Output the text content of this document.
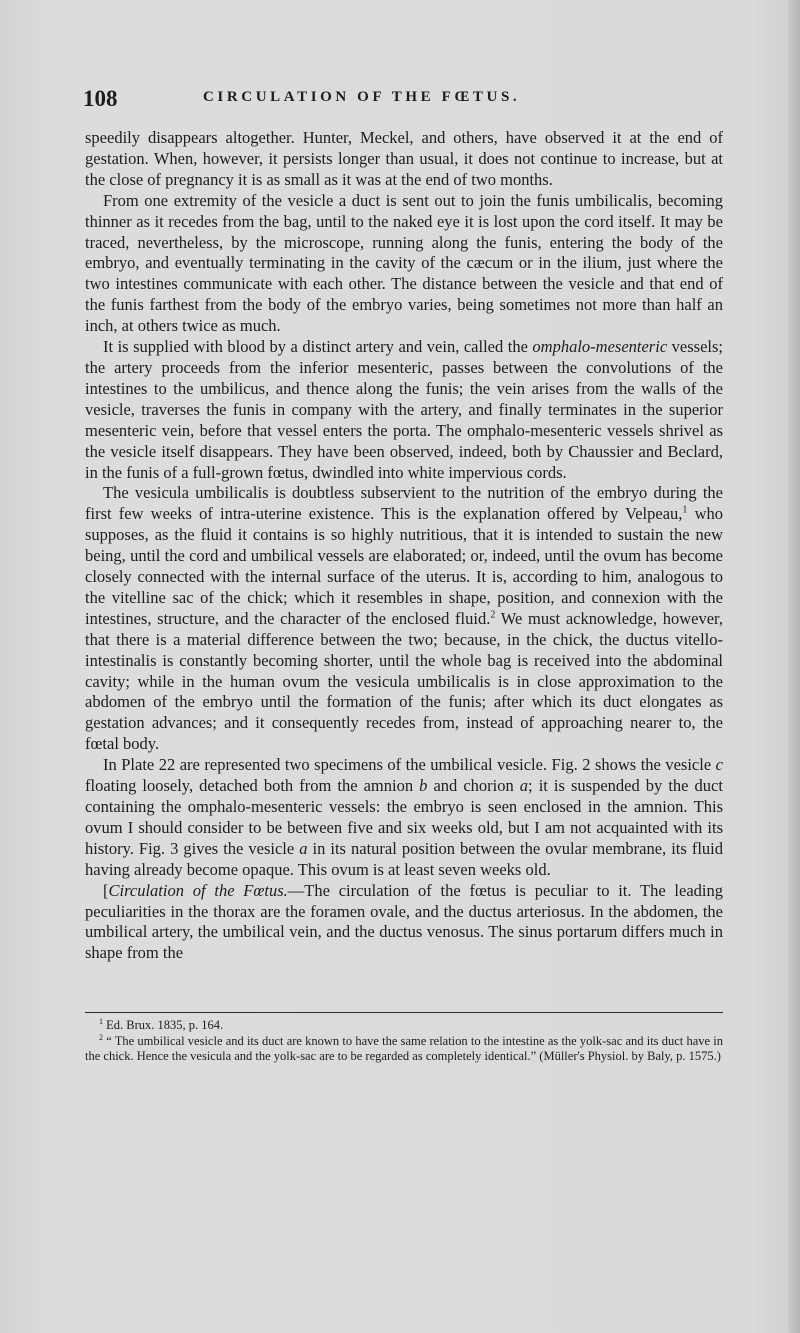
108	CIRCULATION OF THE FŒTUS.

speedily disappears altogether. Hunter, Meckel, and others, have observed it at the end of gestation. When, however, it persists longer than usual, it does not continue to increase, but at the close of pregnancy it is as small as it was at the end of two months.

From one extremity of the vesicle a duct is sent out to join the funis umbilicalis, becoming thinner as it recedes from the bag, until to the naked eye it is lost upon the cord itself. It may be traced, nevertheless, by the microscope, running along the funis, entering the body of the embryo, and eventually terminating in the cavity of the cæcum or in the ilium, just where the two intestines communicate with each other. The distance between the vesicle and that end of the funis farthest from the body of the embryo varies, being sometimes not more than half an inch, at others twice as much.

It is supplied with blood by a distinct artery and vein, called the omphalo-mesenteric vessels; the artery proceeds from the inferior mesenteric, passes between the convolutions of the intestines to the umbilicus, and thence along the funis; the vein arises from the walls of the vesicle, traverses the funis in company with the artery, and finally terminates in the superior mesenteric vein, before that vessel enters the porta. The omphalo-mesenteric vessels shrivel as the vesicle itself disappears. They have been observed, indeed, both by Chaussier and Beclard, in the funis of a full-grown fœtus, dwindled into white impervious cords.

The vesicula umbilicalis is doubtless subservient to the nutrition of the embryo during the first few weeks of intra-uterine existence. This is the explanation offered by Velpeau,$^1$ who supposes, as the fluid it contains is so highly nutritious, that it is intended to sustain the new being, until the cord and umbilical vessels are elaborated; or, indeed, until the ovum has become closely connected with the internal surface of the uterus. It is, according to him, analogous to the vitelline sac of the chick; which it resembles in shape, position, and connexion with the intestines, structure, and the character of the enclosed fluid.$^2$ We must acknowledge, however, that there is a material difference between the two; because, in the chick, the ductus vitello-intestinalis is constantly becoming shorter, until the whole bag is received into the abdominal cavity; while in the human ovum the vesicula umbilicalis is in close approximation to the abdomen of the embryo until the formation of the funis; after which its duct elongates as gestation advances; and it consequently recedes from, instead of approaching nearer to, the fœtal body.

In Plate 22 are represented two specimens of the umbilical vesicle. Fig. 2 shows the vesicle c floating loosely, detached both from the amnion b and chorion a; it is suspended by the duct containing the omphalo-mesenteric vessels: the embryo is seen enclosed in the amnion. This ovum I should consider to be between five and six weeks old, but I am not acquainted with its history. Fig. 3 gives the vesicle a in its natural position between the ovular membrane, its fluid having already become opaque. This ovum is at least seven weeks old.

[Circulation of the Fœtus.—The circulation of the fœtus is peculiar to it. The leading peculiarities in the thorax are the foramen ovale, and the ductus arteriosus. In the abdomen, the umbilical artery, the umbilical vein, and the ductus venosus. The sinus portarum differs much in shape from the

$^1$ Ed. Brux. 1835, p. 164.

$^2$ “ The umbilical vesicle and its duct are known to have the same relation to the intestine as the yolk-sac and its duct have in the chick. Hence the vesicula and the yolk-sac are to be regarded as completely identical.” (Müller's Physiol. by Baly, p. 1575.)
